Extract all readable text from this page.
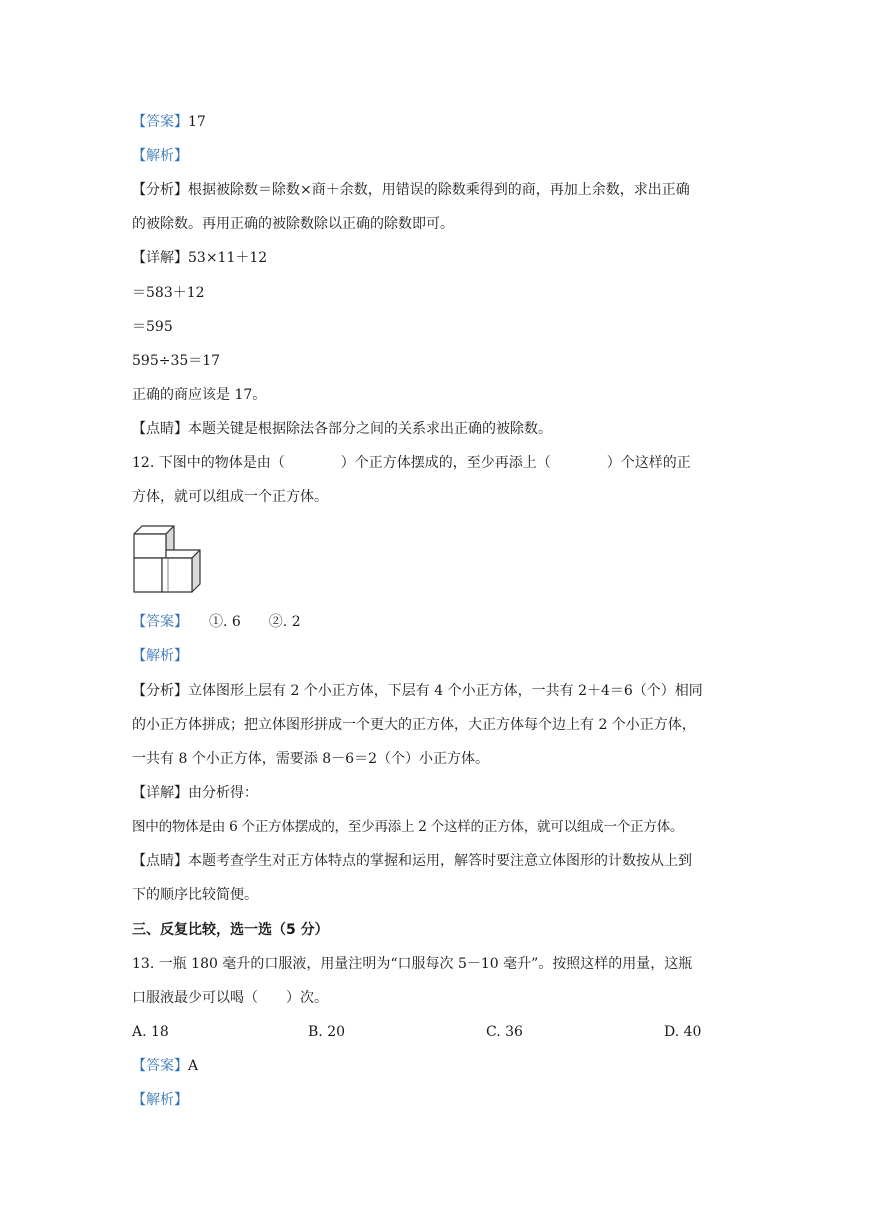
【答案】17
【解析】
【分析】根据被除数＝除数×商＋余数，用错误的除数乘得到的商，再加上余数，求出正确
的被除数。再用正确的被除数除以正确的除数即可。
【详解】53×11＋12
＝583＋12
＝595
595÷35＝17
正确的商应该是 17。
【点睛】本题关键是根据除法各部分之间的关系求出正确的被除数。
12. 下图中的物体是由（　　　　）个正方体摆成的，至少再添上（　　　　）个这样的正
方体，就可以组成一个正方体。
【答案】　　①. 6　　②. 2
【解析】
【分析】立体图形上层有 2 个小正方体，下层有 4 个小正方体，一共有 2＋4＝6（个）相同
的小正方体拼成；把立体图形拼成一个更大的正方体，大正方体每个边上有 2 个小正方体，
一共有 8 个小正方体，需要添 8－6＝2（个）小正方体。
【详解】由分析得：
图中的物体是由 6 个正方体摆成的，至少再添上 2 个这样的正方体，就可以组成一个正方体。
【点睛】本题考查学生对正方体特点的掌握和运用，解答时要注意立体图形的计数按从上到
下的顺序比较简便。
三、反复比较，选一选（5 分）
13. 一瓶 180 毫升的口服液，用量注明为“口服每次 5－10 毫升”。按照这样的用量，这瓶
口服液最少可以喝（　　）次。
A. 18	B. 20	C. 36	D. 40
【答案】A
【解析】
